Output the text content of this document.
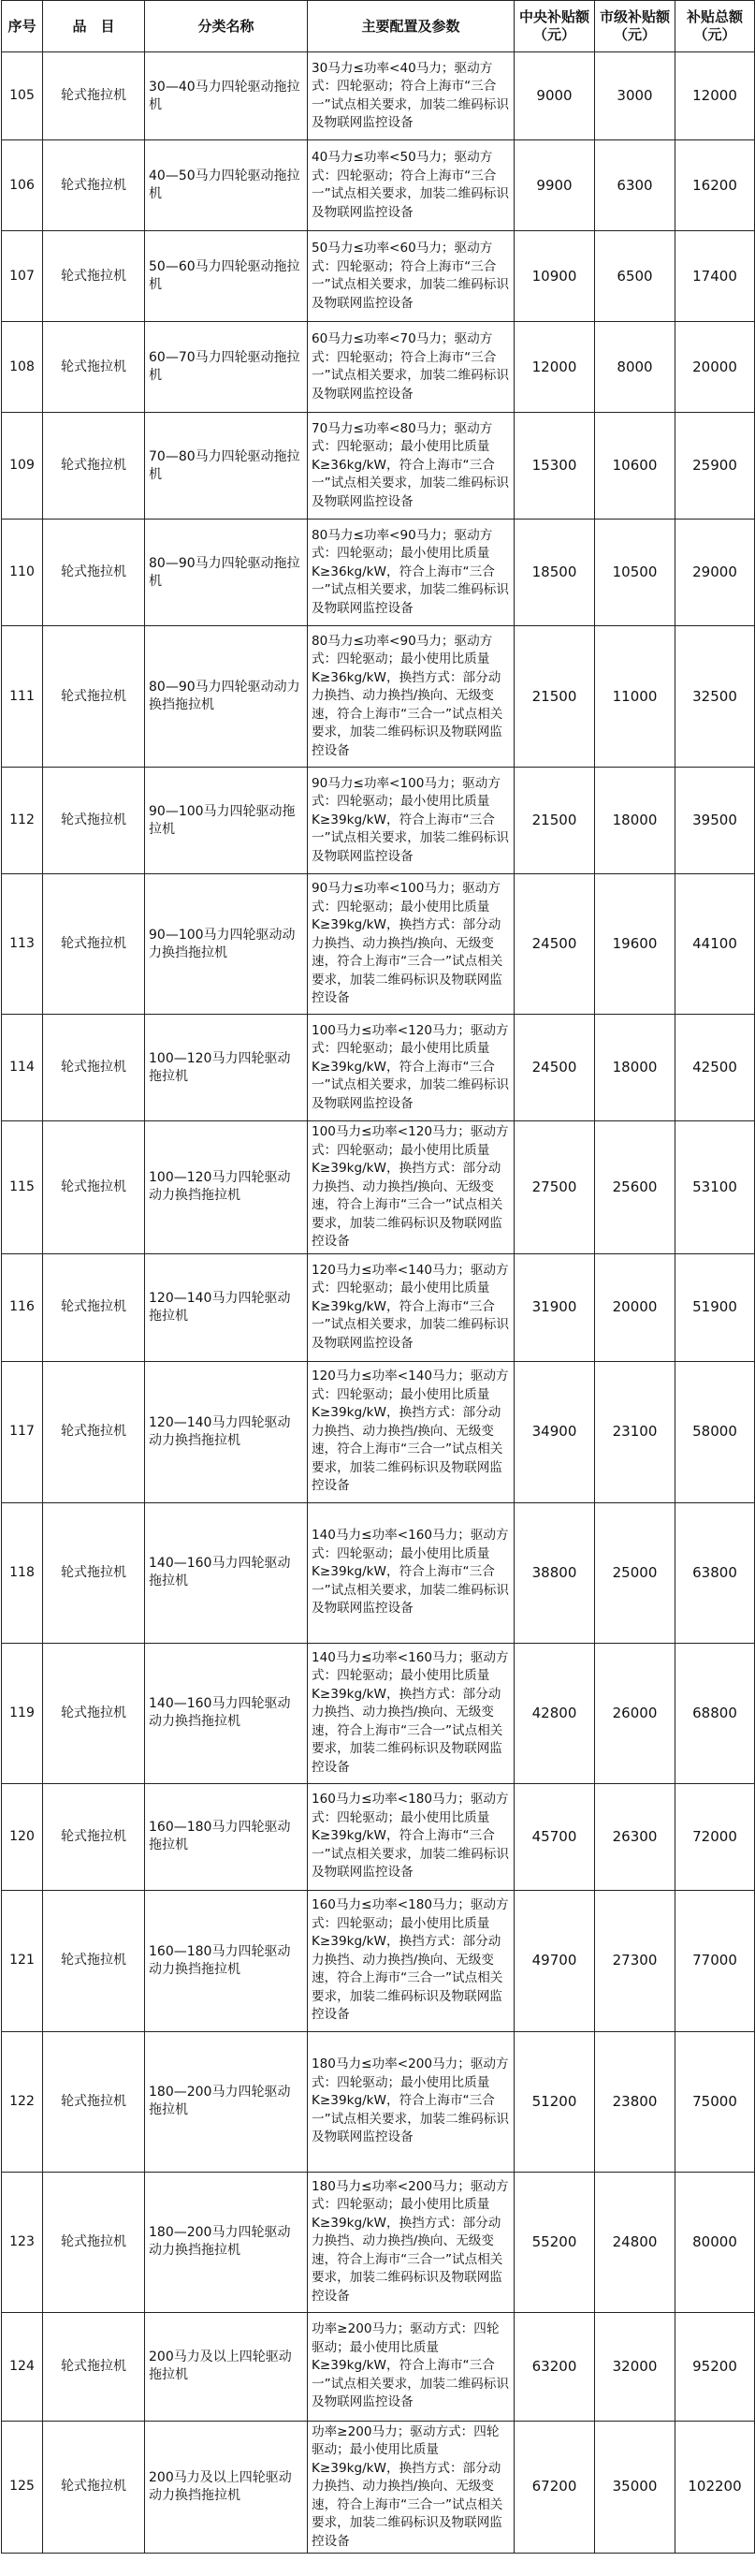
序号	品　目	分类名称	主要配置及参数	中央补贴额（元）	市级补贴额（元）	补贴总额（元）
105	轮式拖拉机	30—40马力四轮驱动拖拉机	30马力≤功率<40马力；驱动方式：四轮驱动；符合上海市“三合一”试点相关要求，加装二维码标识及物联网监控设备	9000	3000	12000
106	轮式拖拉机	40—50马力四轮驱动拖拉机	40马力≤功率<50马力；驱动方式：四轮驱动；符合上海市“三合一”试点相关要求，加装二维码标识及物联网监控设备	9900	6300	16200
107	轮式拖拉机	50—60马力四轮驱动拖拉机	50马力≤功率<60马力；驱动方式：四轮驱动；符合上海市“三合一”试点相关要求，加装二维码标识及物联网监控设备	10900	6500	17400
108	轮式拖拉机	60—70马力四轮驱动拖拉机	60马力≤功率<70马力；驱动方式：四轮驱动；符合上海市“三合一”试点相关要求，加装二维码标识及物联网监控设备	12000	8000	20000
109	轮式拖拉机	70—80马力四轮驱动拖拉机	70马力≤功率<80马力；驱动方式：四轮驱动；最小使用比质量K≥36kg/kW，符合上海市“三合一”试点相关要求，加装二维码标识及物联网监控设备	15300	10600	25900
110	轮式拖拉机	80—90马力四轮驱动拖拉机	80马力≤功率<90马力；驱动方式：四轮驱动；最小使用比质量K≥36kg/kW，符合上海市“三合一”试点相关要求，加装二维码标识及物联网监控设备	18500	10500	29000
111	轮式拖拉机	80—90马力四轮驱动动力换挡拖拉机	80马力≤功率<90马力；驱动方式：四轮驱动；最小使用比质量K≥36kg/kW，换挡方式：部分动力换挡、动力换挡/换向、无级变速，符合上海市“三合一”试点相关要求，加装二维码标识及物联网监控设备	21500	11000	32500
112	轮式拖拉机	90—100马力四轮驱动拖拉机	90马力≤功率<100马力；驱动方式：四轮驱动；最小使用比质量K≥39kg/kW，符合上海市“三合一”试点相关要求，加装二维码标识及物联网监控设备	21500	18000	39500
113	轮式拖拉机	90—100马力四轮驱动动力换挡拖拉机	90马力≤功率<100马力；驱动方式：四轮驱动；最小使用比质量K≥39kg/kW，换挡方式：部分动力换挡、动力换挡/换向、无级变速，符合上海市“三合一”试点相关要求，加装二维码标识及物联网监控设备	24500	19600	44100
114	轮式拖拉机	100—120马力四轮驱动拖拉机	100马力≤功率<120马力；驱动方式：四轮驱动；最小使用比质量K≥39kg/kW，符合上海市“三合一”试点相关要求，加装二维码标识及物联网监控设备	24500	18000	42500
115	轮式拖拉机	100—120马力四轮驱动动力换挡拖拉机	100马力≤功率<120马力；驱动方式：四轮驱动；最小使用比质量K≥39kg/kW，换挡方式：部分动力换挡、动力换挡/换向、无级变速，符合上海市“三合一”试点相关要求，加装二维码标识及物联网监控设备	27500	25600	53100
116	轮式拖拉机	120—140马力四轮驱动拖拉机	120马力≤功率<140马力；驱动方式：四轮驱动；最小使用比质量K≥39kg/kW，符合上海市“三合一”试点相关要求，加装二维码标识及物联网监控设备	31900	20000	51900
117	轮式拖拉机	120—140马力四轮驱动动力换挡拖拉机	120马力≤功率<140马力；驱动方式：四轮驱动；最小使用比质量K≥39kg/kW，换挡方式：部分动力换挡、动力换挡/换向、无级变速，符合上海市“三合一”试点相关要求，加装二维码标识及物联网监控设备	34900	23100	58000
118	轮式拖拉机	140—160马力四轮驱动拖拉机	140马力≤功率<160马力；驱动方式：四轮驱动；最小使用比质量K≥39kg/kW，符合上海市“三合一”试点相关要求，加装二维码标识及物联网监控设备	38800	25000	63800
119	轮式拖拉机	140—160马力四轮驱动动力换挡拖拉机	140马力≤功率<160马力；驱动方式：四轮驱动；最小使用比质量K≥39kg/kW，换挡方式：部分动力换挡、动力换挡/换向、无级变速，符合上海市“三合一”试点相关要求，加装二维码标识及物联网监控设备	42800	26000	68800
120	轮式拖拉机	160—180马力四轮驱动拖拉机	160马力≤功率<180马力；驱动方式：四轮驱动；最小使用比质量K≥39kg/kW，符合上海市“三合一”试点相关要求，加装二维码标识及物联网监控设备	45700	26300	72000
121	轮式拖拉机	160—180马力四轮驱动动力换挡拖拉机	160马力≤功率<180马力；驱动方式：四轮驱动；最小使用比质量K≥39kg/kW，换挡方式：部分动力换挡、动力换挡/换向、无级变速，符合上海市“三合一”试点相关要求，加装二维码标识及物联网监控设备	49700	27300	77000
122	轮式拖拉机	180—200马力四轮驱动拖拉机	180马力≤功率<200马力；驱动方式：四轮驱动；最小使用比质量K≥39kg/kW，符合上海市“三合一”试点相关要求，加装二维码标识及物联网监控设备	51200	23800	75000
123	轮式拖拉机	180—200马力四轮驱动动力换挡拖拉机	180马力≤功率<200马力；驱动方式：四轮驱动；最小使用比质量K≥39kg/kW，换挡方式：部分动力换挡、动力换挡/换向、无级变速，符合上海市“三合一”试点相关要求，加装二维码标识及物联网监控设备	55200	24800	80000
124	轮式拖拉机	200马力及以上四轮驱动拖拉机	功率≥200马力；驱动方式：四轮驱动；最小使用比质量K≥39kg/kW，符合上海市“三合一”试点相关要求，加装二维码标识及物联网监控设备	63200	32000	95200
125	轮式拖拉机	200马力及以上四轮驱动动力换挡拖拉机	功率≥200马力；驱动方式：四轮驱动；最小使用比质量K≥39kg/kW，换挡方式：部分动力换挡、动力换挡/换向、无级变速，符合上海市“三合一”试点相关要求，加装二维码标识及物联网监控设备	67200	35000	102200
